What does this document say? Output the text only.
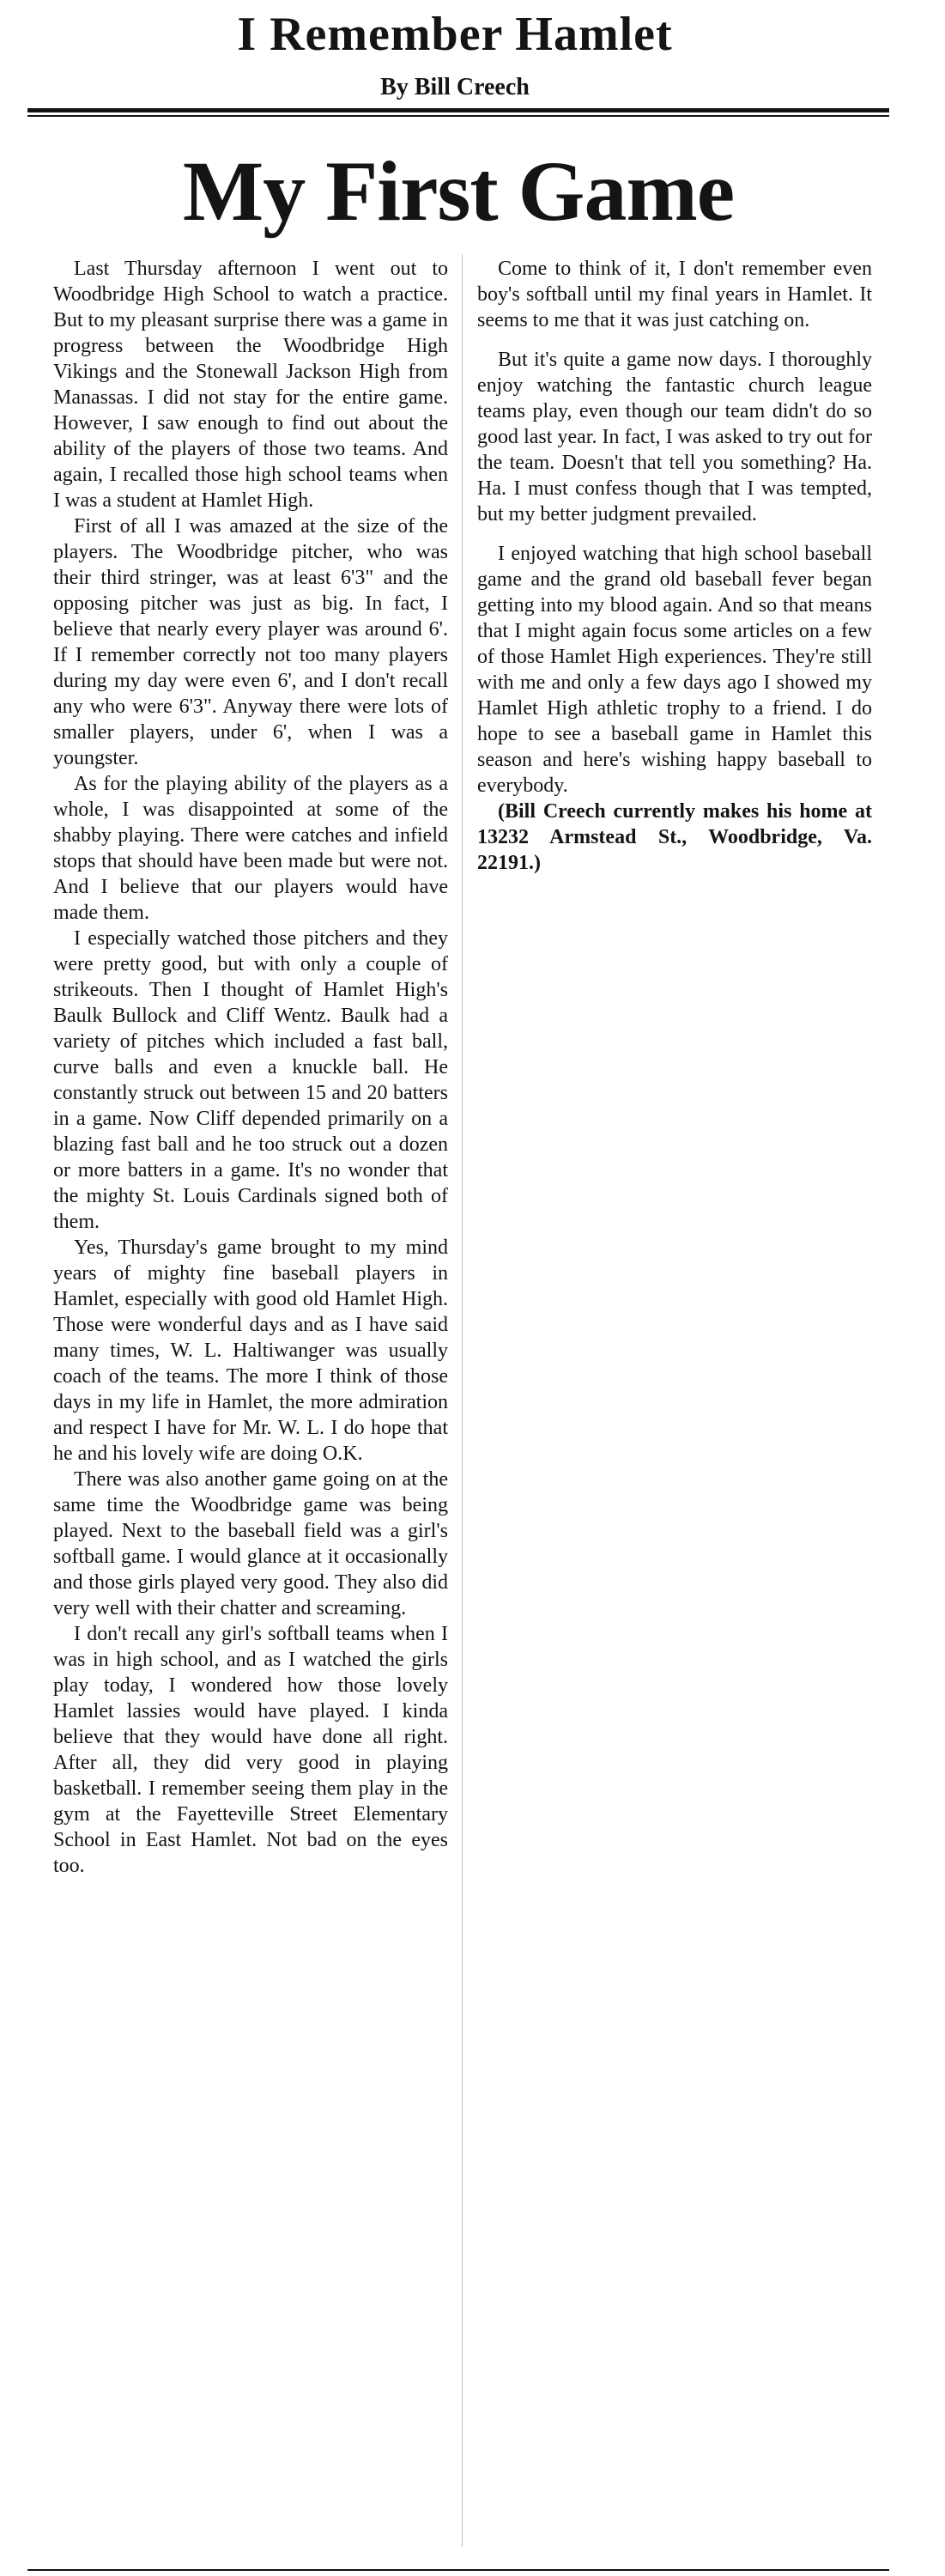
I Remember Hamlet
By Bill Creech
My First Game

Last Thursday afternoon I went out to Woodbridge High School to watch a practice. But to my pleasant surprise there was a game in progress between the Woodbridge High Vikings and the Stonewall Jackson High from Manassas. I did not stay for the entire game. However, I saw enough to find out about the ability of the players of those two teams. And again, I recalled those high school teams when I was a student at Hamlet High.

First of all I was amazed at the size of the players. The Woodbridge pitcher, who was their third stringer, was at least 6'3" and the opposing pitcher was just as big. In fact, I believe that nearly every player was around 6'. If I remember correctly not too many players during my day were even 6', and I don't recall any who were 6'3". Anyway there were lots of smaller players, under 6', when I was a youngster.

As for the playing ability of the players as a whole, I was disappointed at some of the shabby playing. There were catches and infield stops that should have been made but were not. And I believe that our players would have made them.

I especially watched those pitchers and they were pretty good, but with only a couple of strikeouts. Then I thought of Hamlet High's Baulk Bullock and Cliff Wentz. Baulk had a variety of pitches which included a fast ball, curve balls and even a knuckle ball. He constantly struck out between 15 and 20 batters in a game. Now Cliff depended primarily on a blazing fast ball and he too struck out a dozen or more batters in a game. It's no wonder that the mighty St. Louis Cardinals signed both of them.

Yes, Thursday's game brought to my mind years of mighty fine baseball players in Hamlet, especially with good old Hamlet High. Those were wonderful days and as I have said many times, W. L. Haltiwanger was usually coach of the teams. The more I think of those days in my life in Hamlet, the more admiration and respect I have for Mr. W. L. I do hope that he and his lovely wife are doing O.K.

There was also another game going on at the same time the Woodbridge game was being played. Next to the baseball field was a girl's softball game. I would glance at it occasionally and those girls played very good. They also did very well with their chatter and screaming.

I don't recall any girl's softball teams when I was in high school, and as I watched the girls play today, I wondered how those lovely Hamlet lassies would have played. I kinda believe that they would have done all right. After all, they did very good in playing basketball. I remember seeing them play in the gym at the Fayetteville Street Elementary School in East Hamlet. Not bad on the eyes too.

Come to think of it, I don't remember even boy's softball until my final years in Hamlet. It seems to me that it was just catching on.

But it's quite a game now days. I thoroughly enjoy watching the fantastic church league teams play, even though our team didn't do so good last year. In fact, I was asked to try out for the team. Doesn't that tell you something? Ha. Ha. I must confess though that I was tempted, but my better judgment prevailed.

I enjoyed watching that high school baseball game and the grand old baseball fever began getting into my blood again. And so that means that I might again focus some articles on a few of those Hamlet High experiences. They're still with me and only a few days ago I showed my Hamlet High athletic trophy to a friend. I do hope to see a baseball game in Hamlet this season and here's wishing happy baseball to everybody.

(Bill Creech currently makes his home at 13232 Armstead St., Woodbridge, Va. 22191.)
